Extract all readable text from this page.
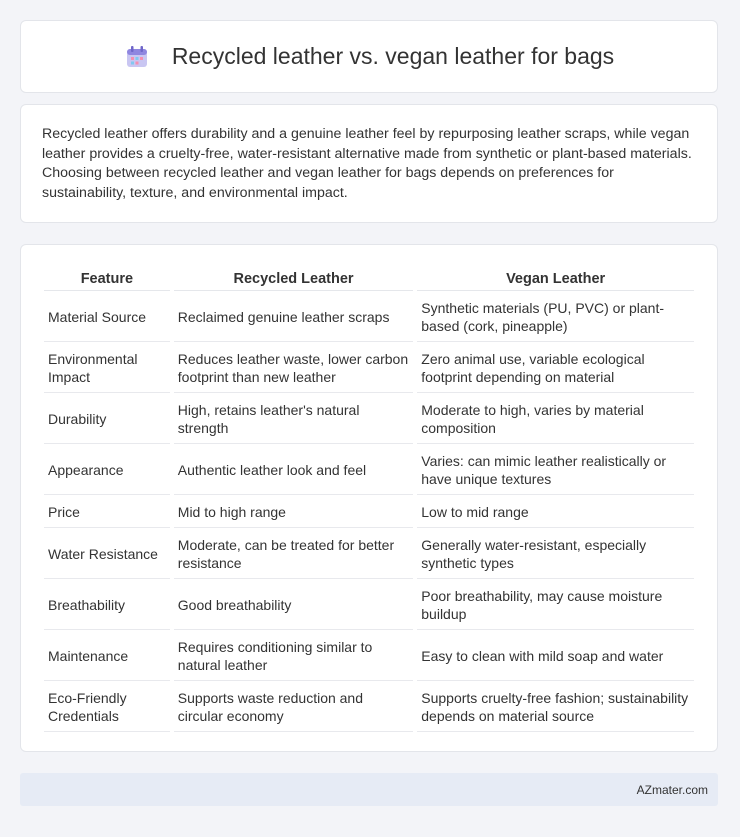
Recycled leather vs. vegan leather for bags

Recycled leather offers durability and a genuine leather feel by repurposing leather scraps, while vegan leather provides a cruelty-free, water-resistant alternative made from synthetic or plant-based materials. Choosing between recycled leather and vegan leather for bags depends on preferences for sustainability, texture, and environmental impact.

Feature	Recycled Leather	Vegan Leather
Material Source	Reclaimed genuine leather scraps	Synthetic materials (PU, PVC) or plant-based (cork, pineapple)
Environmental Impact	Reduces leather waste, lower carbon footprint than new leather	Zero animal use, variable ecological footprint depending on material
Durability	High, retains leather's natural strength	Moderate to high, varies by material composition
Appearance	Authentic leather look and feel	Varies: can mimic leather realistically or have unique textures
Price	Mid to high range	Low to mid range
Water Resistance	Moderate, can be treated for better resistance	Generally water-resistant, especially synthetic types
Breathability	Good breathability	Poor breathability, may cause moisture buildup
Maintenance	Requires conditioning similar to natural leather	Easy to clean with mild soap and water
Eco-Friendly Credentials	Supports waste reduction and circular economy	Supports cruelty-free fashion; sustainability depends on material source
AZmater.com
